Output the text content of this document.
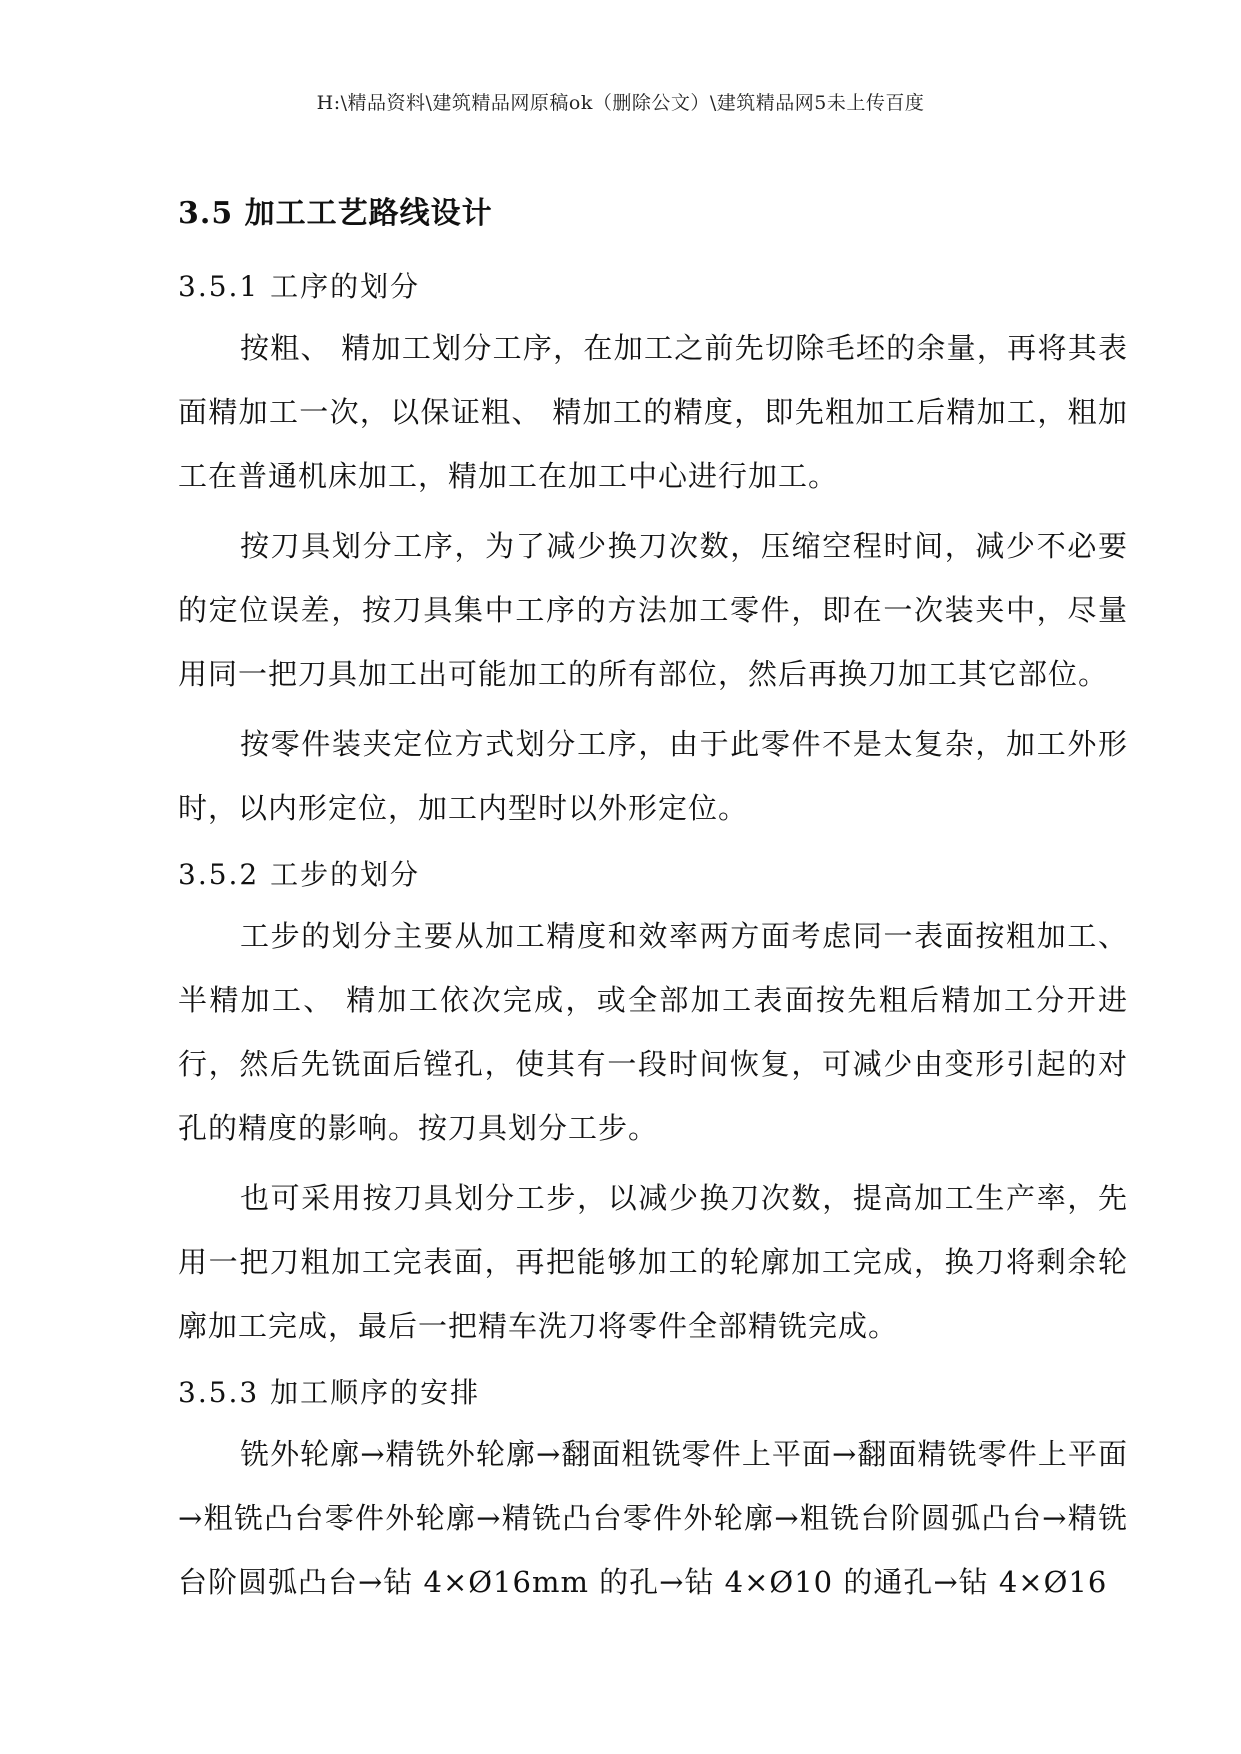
H:\精品资料\建筑精品网原稿ok（删除公文）\建筑精品网5未上传百度
3.5 加工工艺路线设计
3.5.1 工序的划分

按粗、 精加工划分工序，在加工之前先切除毛坯的余量，再将其表面精加工一次，以保证粗、 精加工的精度，即先粗加工后精加工，粗加工在普通机床加工，精加工在加工中心进行加工。

按刀具划分工序，为了减少换刀次数，压缩空程时间，减少不必要的定位误差，按刀具集中工序的方法加工零件，即在一次装夹中，尽量用同一把刀具加工出可能加工的所有部位，然后再换刀加工其它部位。

按零件装夹定位方式划分工序，由于此零件不是太复杂，加工外形时，以内形定位，加工内型时以外形定位。

3.5.2 工步的划分

工步的划分主要从加工精度和效率两方面考虑同一表面按粗加工、半精加工、 精加工依次完成，或全部加工表面按先粗后精加工分开进行，然后先铣面后镗孔，使其有一段时间恢复，可减少由变形引起的对孔的精度的影响。按刀具划分工步。

也可采用按刀具划分工步，以减少换刀次数，提高加工生产率，先用一把刀粗加工完表面，再把能够加工的轮廓加工完成，换刀将剩余轮廓加工完成，最后一把精车洗刀将零件全部精铣完成。

3.5.3 加工顺序的安排

铣外轮廓→精铣外轮廓→翻面粗铣零件上平面→翻面精铣零件上平面→粗铣凸台零件外轮廓→精铣凸台零件外轮廓→粗铣台阶圆弧凸台→精铣台阶圆弧凸台→钻 4×Ø16mm 的孔→钻 4×Ø10 的通孔→钻 4×Ø16
